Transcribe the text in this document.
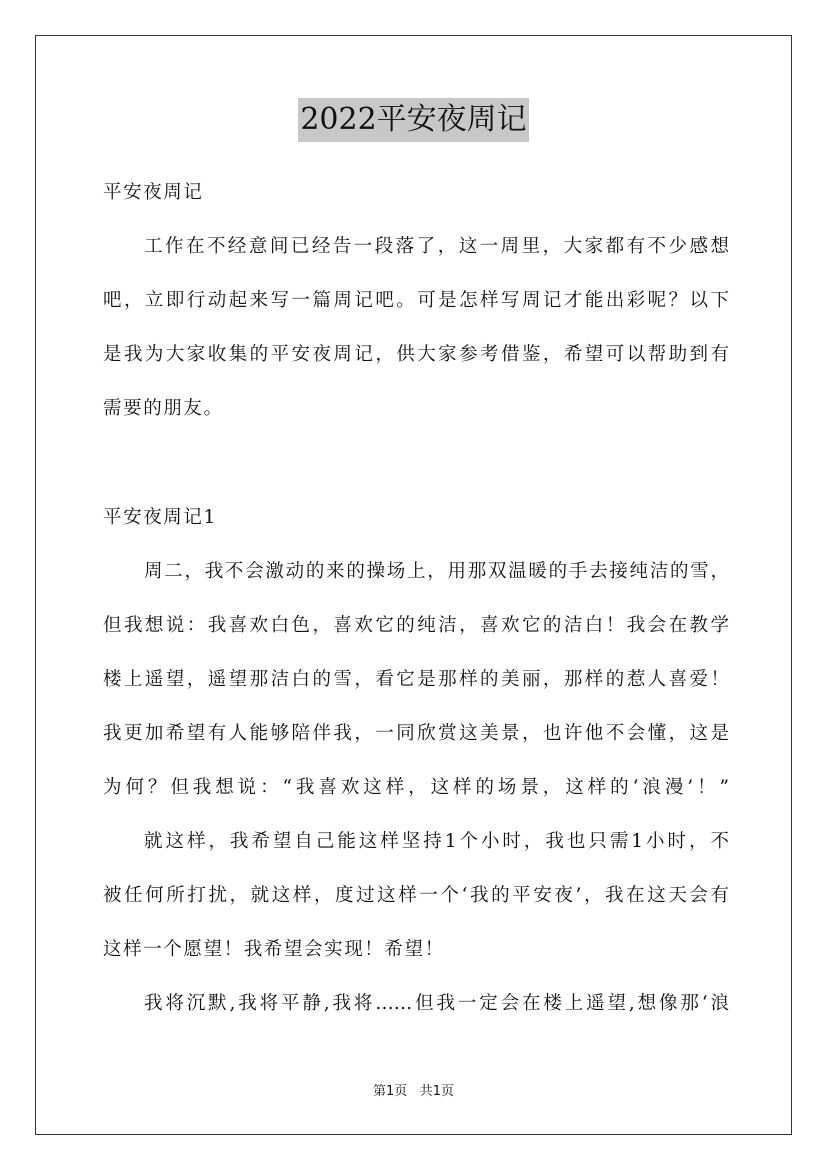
2022平安夜周记
平安夜周记
工作在不经意间已经告一段落了，这一周里，大家都有不少感想
吧，立即行动起来写一篇周记吧。可是怎样写周记才能出彩呢？以下
是我为大家收集的平安夜周记，供大家参考借鉴，希望可以帮助到有
需要的朋友。
平安夜周记1
周二，我不会激动的来的操场上，用那双温暖的手去接纯洁的雪，
但我想说：我喜欢白色，喜欢它的纯洁，喜欢它的洁白！我会在教学
楼上遥望，遥望那洁白的雪，看它是那样的美丽，那样的惹人喜爱！
我更加希望有人能够陪伴我，一同欣赏这美景，也许他不会懂，这是
为何？但我想说：“我喜欢这样，这样的场景，这样的‘浪漫’！”
就这样，我希望自己能这样坚持1个小时，我也只需1小时，不
被任何所打扰，就这样，度过这样一个‘我的平安夜’，我在这天会有
这样一个愿望！我希望会实现！希望！
我将沉默,我将平静,我将……但我一定会在楼上遥望,想像那‘浪
第1页 共1页
